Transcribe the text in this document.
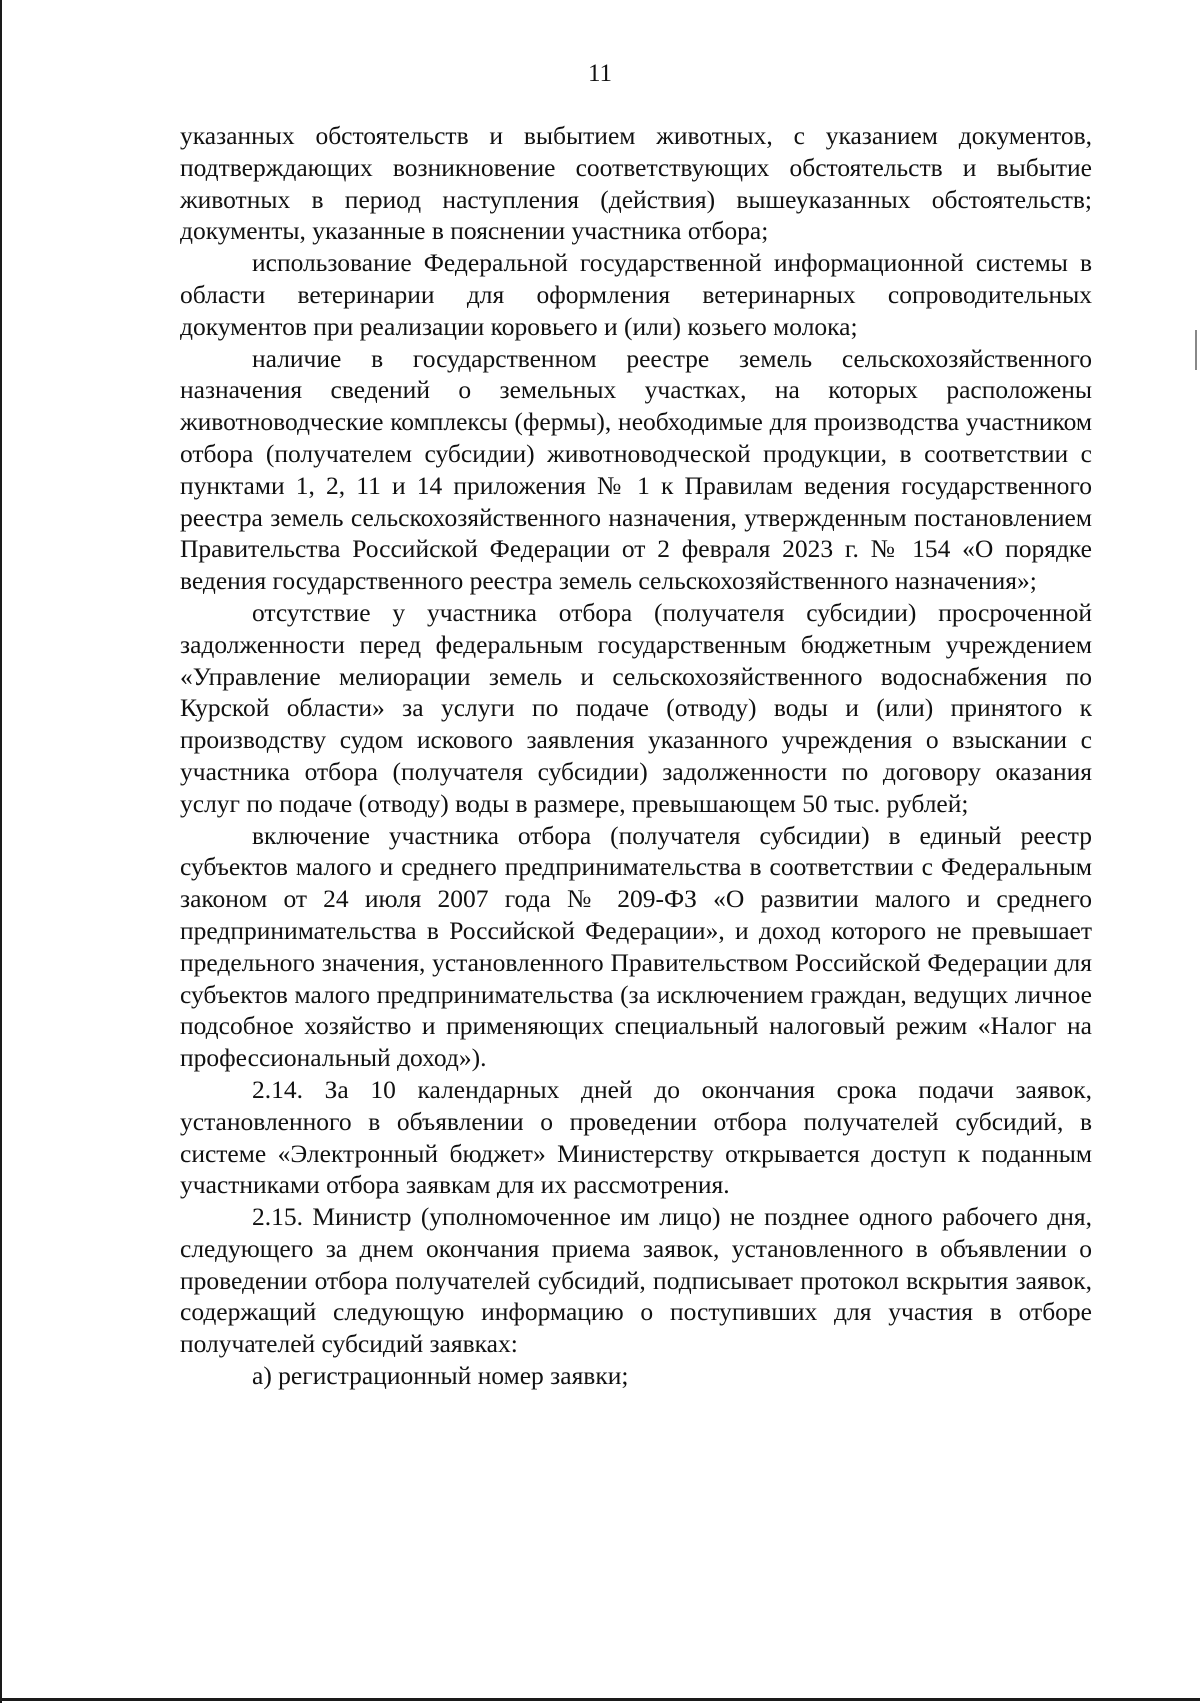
11

указанных обстоятельств и выбытием животных, с указанием документов, подтверждающих возникновение соответствующих обстоятельств и выбытие животных в период наступления (действия) вышеуказанных обстоятельств; документы, указанные в пояснении участника отбора;

использование Федеральной государственной информационной системы в области ветеринарии для оформления ветеринарных сопроводительных документов при реализации коровьего и (или) козьего молока;

наличие в государственном реестре земель сельскохозяйственного назначения сведений о земельных участках, на которых расположены животноводческие комплексы (фермы), необходимые для производства участником отбора (получателем субсидии) животноводческой продукции, в соответствии с пунктами 1, 2, 11 и 14 приложения № 1 к Правилам ведения государственного реестра земель сельскохозяйственного назначения, утвержденным постановлением Правительства Российской Федерации от 2 февраля 2023 г. № 154 «О порядке ведения государственного реестра земель сельскохозяйственного назначения»;

отсутствие у участника отбора (получателя субсидии) просроченной задолженности перед федеральным государственным бюджетным учреждением «Управление мелиорации земель и сельскохозяйственного водоснабжения по Курской области» за услуги по подаче (отводу) воды и (или) принятого к производству судом искового заявления указанного учреждения о взыскании с участника отбора (получателя субсидии) задолженности по договору оказания услуг по подаче (отводу) воды в размере, превышающем 50 тыс. рублей;

включение участника отбора (получателя субсидии) в единый реестр субъектов малого и среднего предпринимательства в соответствии с Федеральным законом от 24 июля 2007 года № 209-ФЗ «О развитии малого и среднего предпринимательства в Российской Федерации», и доход которого не превышает предельного значения, установленного Правительством Российской Федерации для субъектов малого предпринимательства (за исключением граждан, ведущих личное подсобное хозяйство и применяющих специальный налоговый режим «Налог на профессиональный доход»).

2.14. За 10 календарных дней до окончания срока подачи заявок, установленного в объявлении о проведении отбора получателей субсидий, в системе «Электронный бюджет» Министерству открывается доступ к поданным участниками отбора заявкам для их рассмотрения.

2.15. Министр (уполномоченное им лицо) не позднее одного рабочего дня, следующего за днем окончания приема заявок, установленного в объявлении о проведении отбора получателей субсидий, подписывает протокол вскрытия заявок, содержащий следующую информацию о поступивших для участия в отборе получателей субсидий заявках:

а) регистрационный номер заявки;
